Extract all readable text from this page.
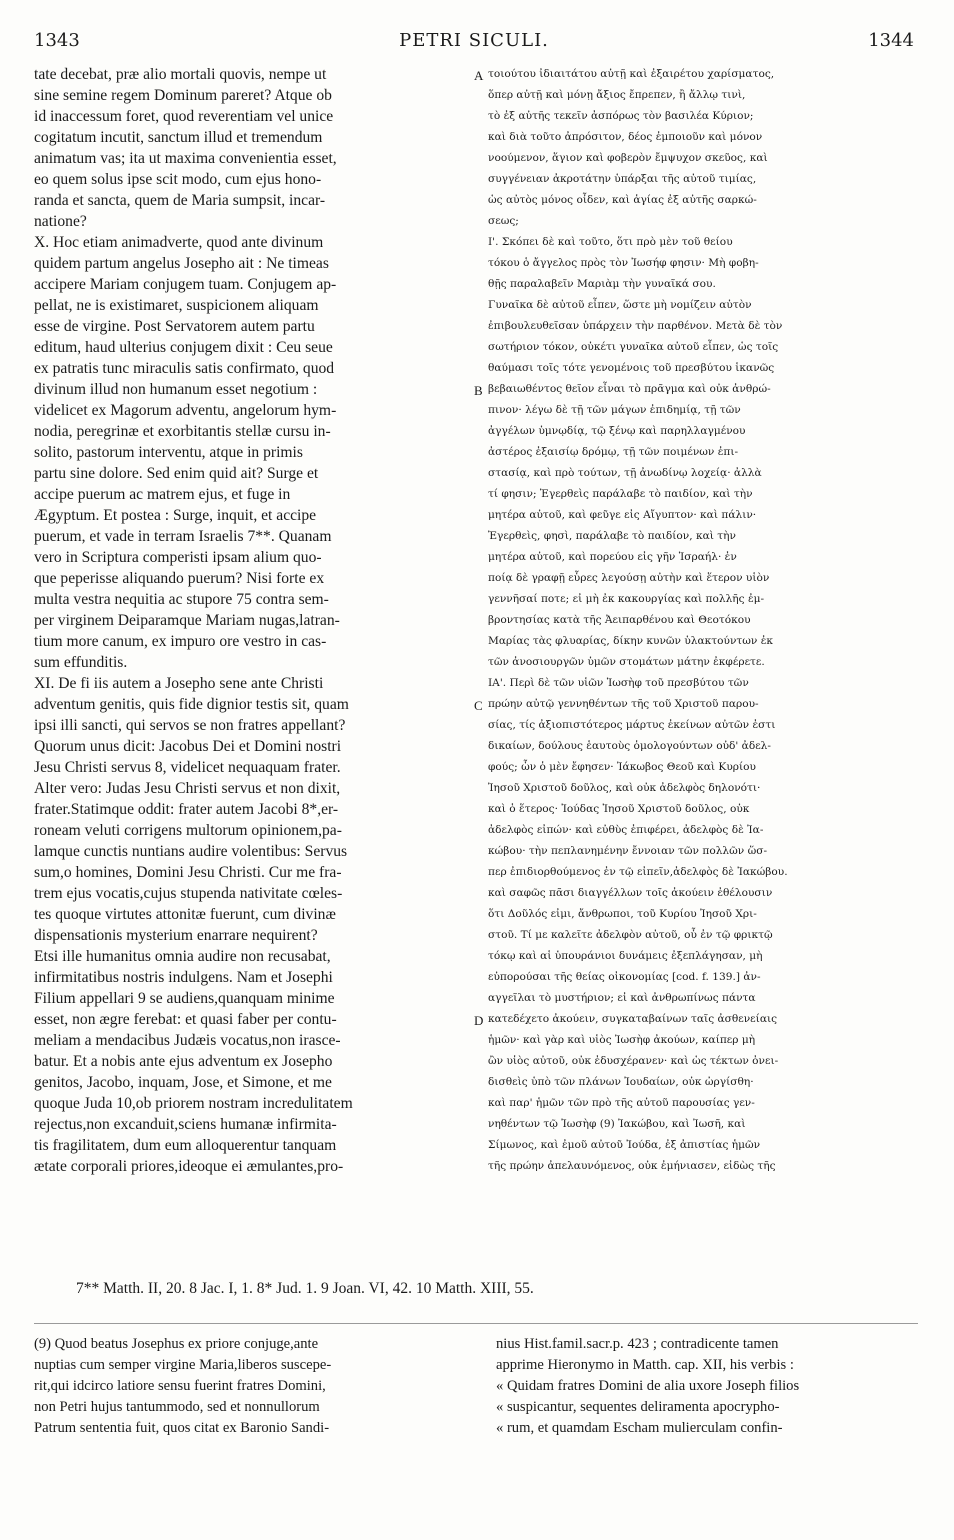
1343	PETRI SICULI.	1344
tate decebat, præ alio mortali quovis, nempe ut
sine semine regem Dominum pareret? Atque ob
id inaccessum foret, quod reverentiam vel unice
cogitatum incutit, sanctum illud et tremendum
animatum vas; ita ut maxima convenientia esset,
eo quem solus ipse scit modo, cum ejus hono-
randa et sancta, quem de Maria sumpsit, incar-
natione?
X. Hoc etiam animadverte, quod ante divinum
quidem partum angelus Josepho ait : Ne timeas
accipere Mariam conjugem tuam. Conjugem ap-
pellat, ne is existimaret, suspicionem aliquam
esse de virgine. Post Servatorem autem partu
editum, haud ulterius conjugem dixit : Ceu seue
ex patratis tunc miraculis satis confirmato, quod
divinum illud non humanum esset negotium :
videlicet ex Magorum adventu, angelorum hym-
nodia, peregrinæ et exorbitantis stellæ cursu in-
solito, pastorum interventu, atque in primis
partu sine dolore. Sed enim quid ait? Surge et
accipe puerum ac matrem ejus, et fuge in
Ægyptum. Et postea : Surge, inquit, et accipe
puerum, et vade in terram Israelis 7**. Quanam
vero in Scriptura comperisti ipsam alium quo-
que peperisse aliquando puerum? Nisi forte ex
multa vestra nequitia ac stupore 75 contra sem-
per virginem Deiparamque Mariam nugas,latran-
tium more canum, ex impuro ore vestro in cas-
sum effunditis.
XI. De fi iis autem a Josepho sene ante Christi
adventum genitis, quis fide dignior testis sit, quam
ipsi illi sancti, qui servos se non fratres appellant?
Quorum unus dicit: Jacobus Dei et Domini nostri
Jesu Christi servus 8, videlicet nequaquam frater.
Alter vero: Judas Jesu Christi servus et non dixit,
frater.Statimque oddit: frater autem Jacobi 8*,er-
roneam veluti corrigens multorum opinionem,pa-
lamque cunctis nuntians audire volentibus: Servus
sum,o homines, Domini Jesu Christi. Cur me fra-
trem ejus vocatis,cujus stupenda nativitate cœles-
tes quoque virtutes attonitæ fuerunt, cum divinæ
dispensationis mysterium enarrare nequirent?
Etsi ille humanitus omnia audire non recusabat,
infirmitatibus nostris indulgens. Nam et Josephi
Filium appellari 9 se audiens,quanquam minime
esset, non ægre ferebat: et quasi faber per contu-
meliam a mendacibus Judæis vocatus,non irasce-
batur. Et a nobis ante ejus adventum ex Josepho
genitos, Jacobo, inquam, Jose, et Simone, et me
quoque Juda 10,ob priorem nostram incredulitatem
rejectus,non excanduit,sciens humanæ infirmita-
tis fragilitatem, dum eum alloquerentur tanquam
ætate corporali priores,ideoque ei æmulantes,pro-
τοιούτου ἰδιαιτάτου αὐτῇ καὶ ἐξαιρέτου χαρίσματος,
ὅπερ αὐτῇ καὶ μόνῃ ἄξιος ἔπρεπεν, ἢ ἄλλῳ τινὶ,
τὸ ἐξ αὐτῆς τεκεῖν ἀσπόρως τὸν βασιλέα Κύριον;
καὶ διὰ τοῦτο ἀπρόσιτον, δέος ἐμποιοῦν καὶ μόνον
νοούμενον, ἅγιον καὶ φοβερὸν ἔμψυχον σκεῦος, καὶ
συγγένειαν ἀκροτάτην ὑπάρξαι τῆς αὐτοῦ τιμίας,
ὡς αὐτὸς μόνος οἶδεν, καὶ ἁγίας ἐξ αὐτῆς σαρκώ-
σεως;
Ι'. Σκόπει δὲ καὶ τοῦτο, ὅτι πρὸ μὲν τοῦ θείου
τόκου ὁ ἄγγελος πρὸς τὸν Ἰωσήφ φησιν· Μὴ φοβη-
θῇς παραλαβεῖν Μαριὰμ τὴν γυναῖκά σου.
Γυναῖκα δὲ αὐτοῦ εἶπεν, ὥστε μὴ νομίζειν αὐτὸν
ἐπιβουλευθεῖσαν ὑπάρχειν τὴν παρθένον. Μετὰ δὲ τὸν
σωτήριον τόκον, οὐκέτι γυναῖκα αὐτοῦ εἶπεν, ὡς τοῖς
θαύμασι τοῖς τότε γενομένοις τοῦ πρεσβύτου ἱκανῶς
βεβαιωθέντος θεῖον εἶναι τὸ πρᾶγμα καὶ οὐκ ἀνθρώ-
πινον· λέγω δὲ τῇ τῶν μάγων ἐπιδημίᾳ, τῇ τῶν
ἀγγέλων ὑμνῳδίᾳ, τῷ ξένῳ καὶ παρηλλαγμένου
ἀστέρος ἐξαισίῳ δρόμῳ, τῇ τῶν ποιμένων ἐπι-
στασίᾳ, καὶ πρὸ τούτων, τῇ ἀνωδίνῳ λοχείᾳ· ἀλλὰ
τί φησιν; Ἐγερθεὶς παράλαβε τὸ παιδίον, καὶ τὴν
μητέρα αὐτοῦ, καὶ φεῦγε εἰς Αἴγυπτον· καὶ πάλιν·
Ἐγερθεὶς, φησὶ, παράλαβε τὸ παιδίον, καὶ τὴν
μητέρα αὐτοῦ, καὶ πορεύου εἰς γῆν Ἰσραήλ· ἐν
ποίᾳ δὲ γραφῇ εὗρες λεγούσῃ αὐτὴν καὶ ἕτερον υἱὸν
γεννῆσαί ποτε; εἰ μὴ ἐκ κακουργίας καὶ πολλῆς ἐμ-
βροντησίας κατὰ τῆς Ἀειπαρθένου καὶ Θεοτόκου
Μαρίας τὰς φλυαρίας, δίκην κυνῶν ὑλακτούντων ἐκ
τῶν ἀνοσιουργῶν ὑμῶν στομάτων μάτην ἐκφέρετε.
ΙΑ'. Περὶ δὲ τῶν υἱῶν Ἰωσὴφ τοῦ πρεσβύτου τῶν
πρώην αὐτῷ γεννηθέντων τῆς τοῦ Χριστοῦ παρου-
σίας, τίς ἀξιοπιστότερος μάρτυς ἐκείνων αὐτῶν ἐστι
δικαίων, δούλους ἑαυτοὺς ὁμολογούντων οὐδ' ἀδελ-
φούς; ὧν ὁ μὲν ἔφησεν· Ἰάκωβος Θεοῦ καὶ Κυρίου
Ἰησοῦ Χριστοῦ δοῦλος, καὶ οὐκ ἀδελφὸς δηλονότι·
καὶ ὁ ἕτερος· Ἰούδας Ἰησοῦ Χριστοῦ δοῦλος, οὐκ
ἀδελφὸς εἰπών· καὶ εὐθὺς ἐπιφέρει, ἀδελφὸς δὲ Ἰα-
κώβου· τὴν πεπλανημένην ἔννοιαν τῶν πολλῶν ὥσ-
περ ἐπιδιορθούμενος ἐν τῷ εἰπεῖν,ἀδελφὸς δὲ Ἰακώβου.
καὶ σαφῶς πᾶσι διαγγέλλων τοῖς ἀκούειν ἐθέλουσιν
ὅτι Δοῦλός εἰμι, ἄνθρωποι, τοῦ Κυρίου Ἰησοῦ Χρι-
στοῦ. Τί με καλεῖτε ἀδελφὸν αὐτοῦ, οὗ ἐν τῷ φρικτῷ
τόκῳ καὶ αἱ ὑπουράνιοι δυνάμεις ἐξεπλάγησαν, μὴ
εὐπορούσαι τῆς θείας οἰκονομίας [cod. f. 139.] ἀν-
αγγεῖλαι τὸ μυστήριον; εἰ καὶ ἀνθρωπίνως πάντα
κατεδέχετο ἀκούειν, συγκαταβαίνων ταῖς ἀσθενείαις
ἡμῶν· καὶ γὰρ καὶ υἱὸς Ἰωσὴφ ἀκούων, καίπερ μὴ
ὢν υἱὸς αὐτοῦ, οὐκ ἐδυσχέρανεν· καὶ ὡς τέκτων ὀνει-
δισθεὶς ὑπὸ τῶν πλάνων Ἰουδαίων, οὐκ ὠργίσθη·
καὶ παρ' ἡμῶν τῶν πρὸ τῆς αὐτοῦ παρουσίας γεν-
νηθέντων τῷ Ἰωσὴφ (9) Ἰακώβου, καὶ Ἰωσῆ, καὶ
Σίμωνος, καὶ ἐμοῦ αὐτοῦ Ἰούδα, ἐξ ἀπιστίας ἡμῶν
τῆς πρώην ἀπελαυνόμενος, οὐκ ἐμήνιασεν, εἰδὼς τῆς
A
B
C
D
7** Matth. II, 20. 8 Jac. I, 1. 8* Jud. 1. 9 Joan. VI, 42. 10 Matth. XIII, 55.
(9) Quod beatus Josephus ex priore conjuge,ante
nuptias cum semper virgine Maria,liberos suscepe-
rit,qui idcirco latiore sensu fuerint fratres Domini,
non Petri hujus tantummodo, sed et nonnullorum
Patrum sententia fuit, quos citat ex Baronio Sandi-
nius Hist.famil.sacr.p. 423 ; contradicente tamen
apprime Hieronymo in Matth. cap. XII, his verbis :
« Quidam fratres Domini de alia uxore Joseph filios
« suspicantur, sequentes deliramenta apocrypho-
« rum, et quamdam Escham mulierculam confin-
